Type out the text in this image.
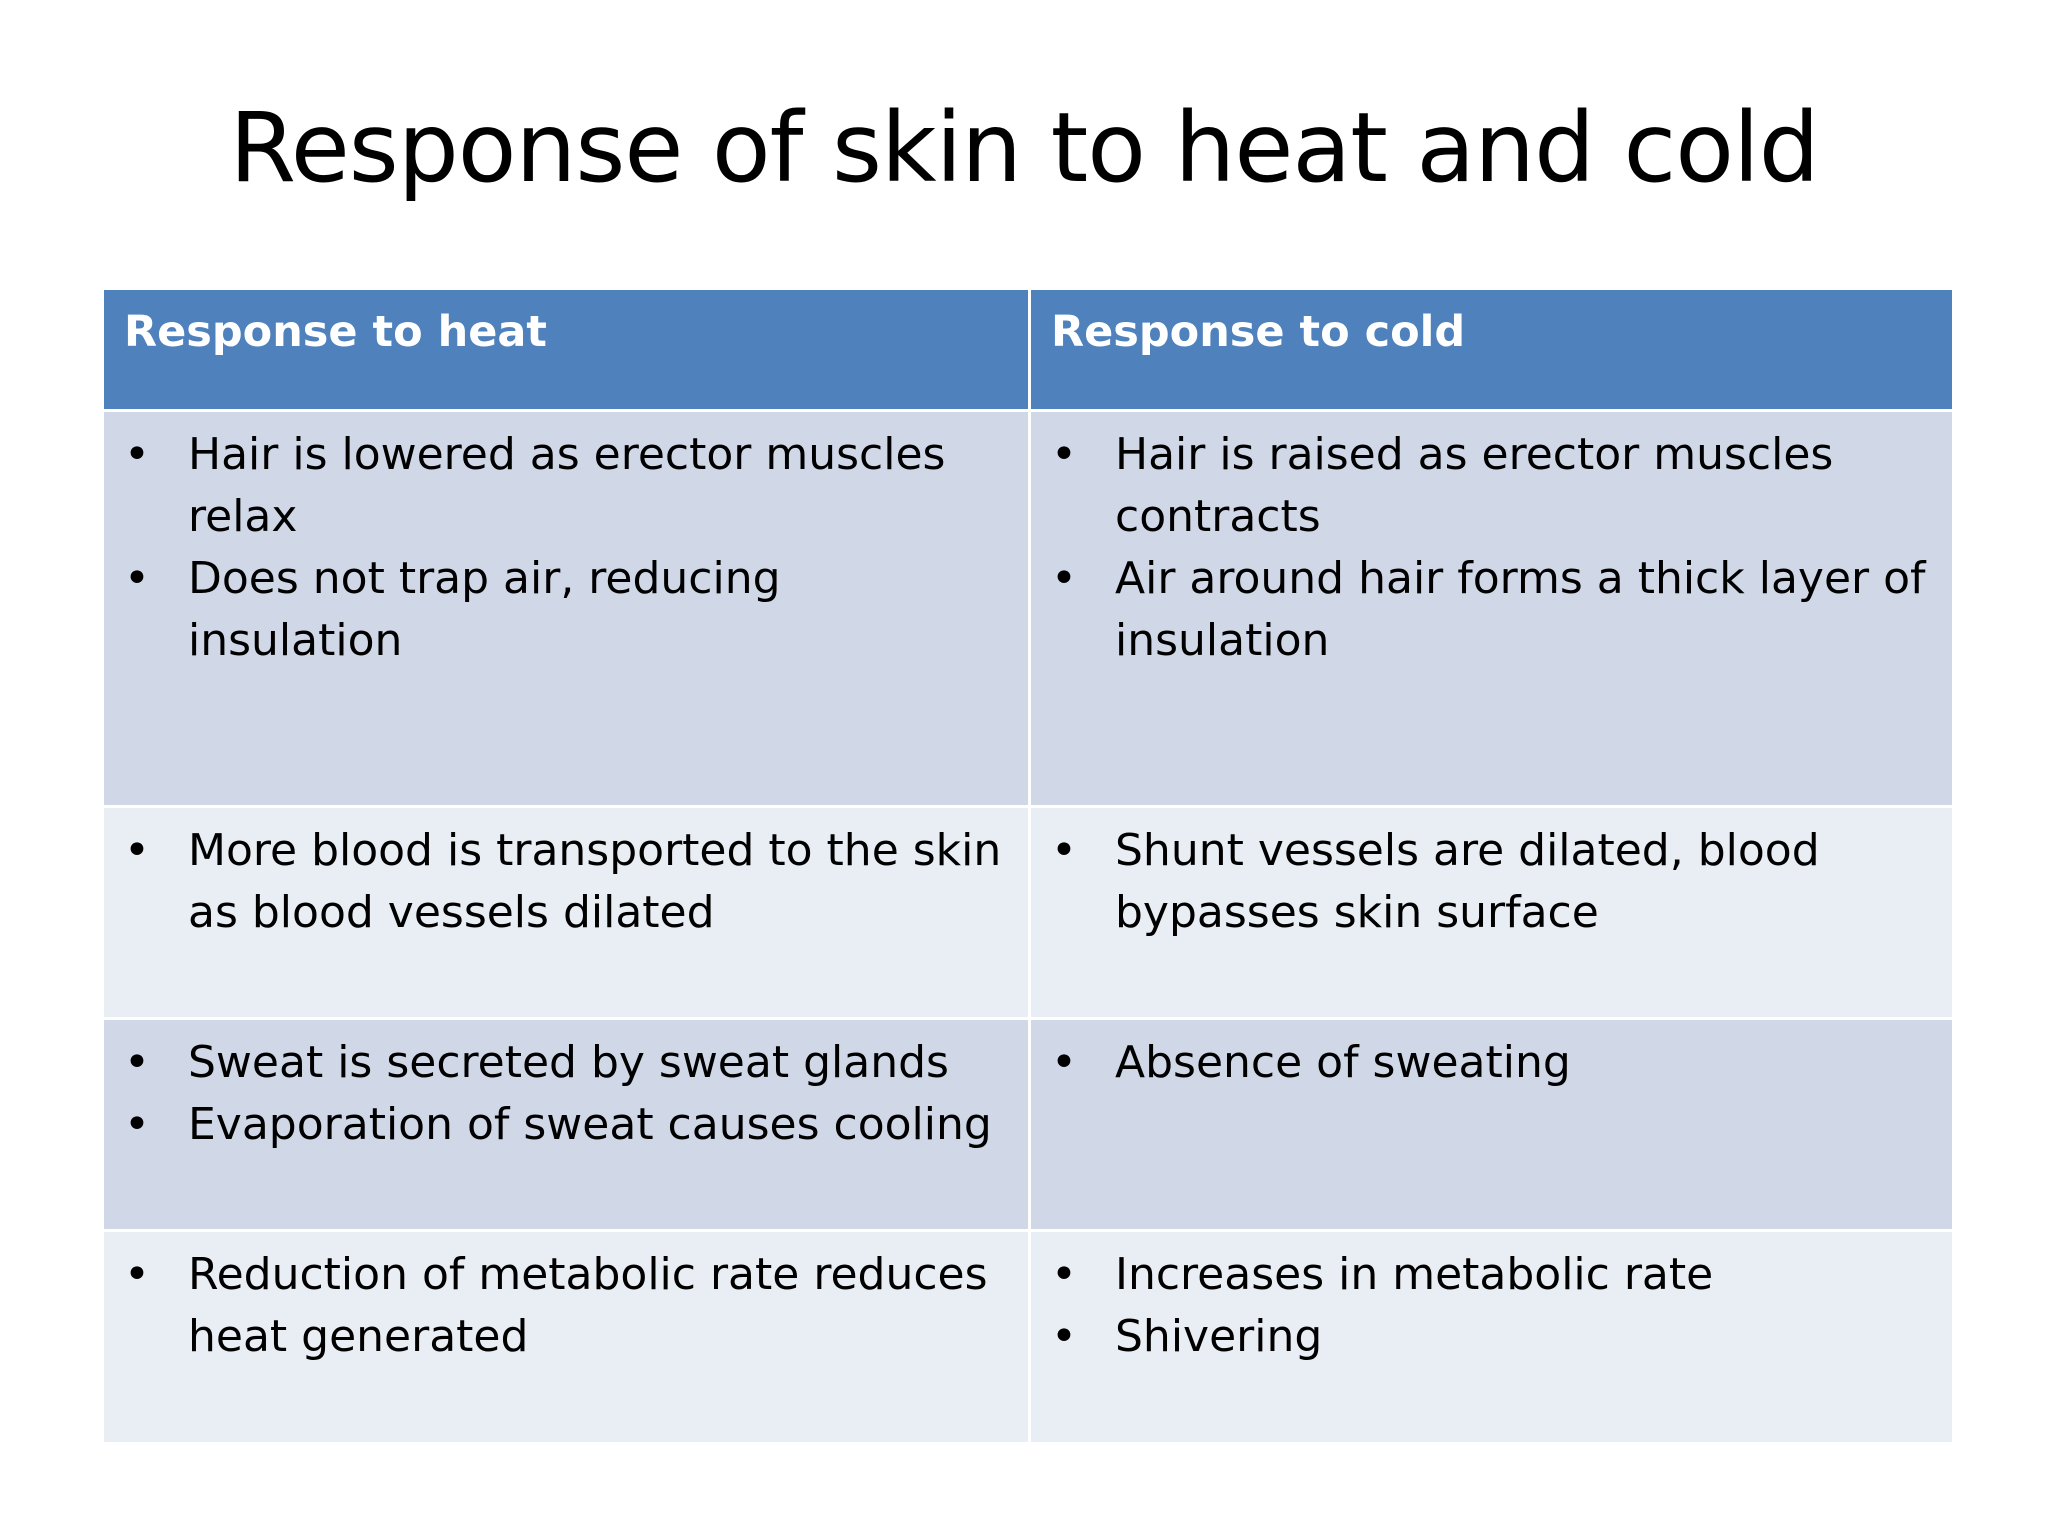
Response of skin to heat and cold
Response to heat	Response to cold
• Hair is lowered as erector muscles relax
• Does not trap air, reducing insulation
• Hair is raised as erector muscles contracts
• Air around hair forms a thick layer of insulation
• More blood is transported to the skin as blood vessels dilated
• Shunt vessels are dilated, blood bypasses skin surface
• Sweat is secreted by sweat glands
• Evaporation of sweat causes cooling
• Absence of sweating
• Reduction of metabolic rate reduces heat generated
• Increases in metabolic rate
• Shivering
